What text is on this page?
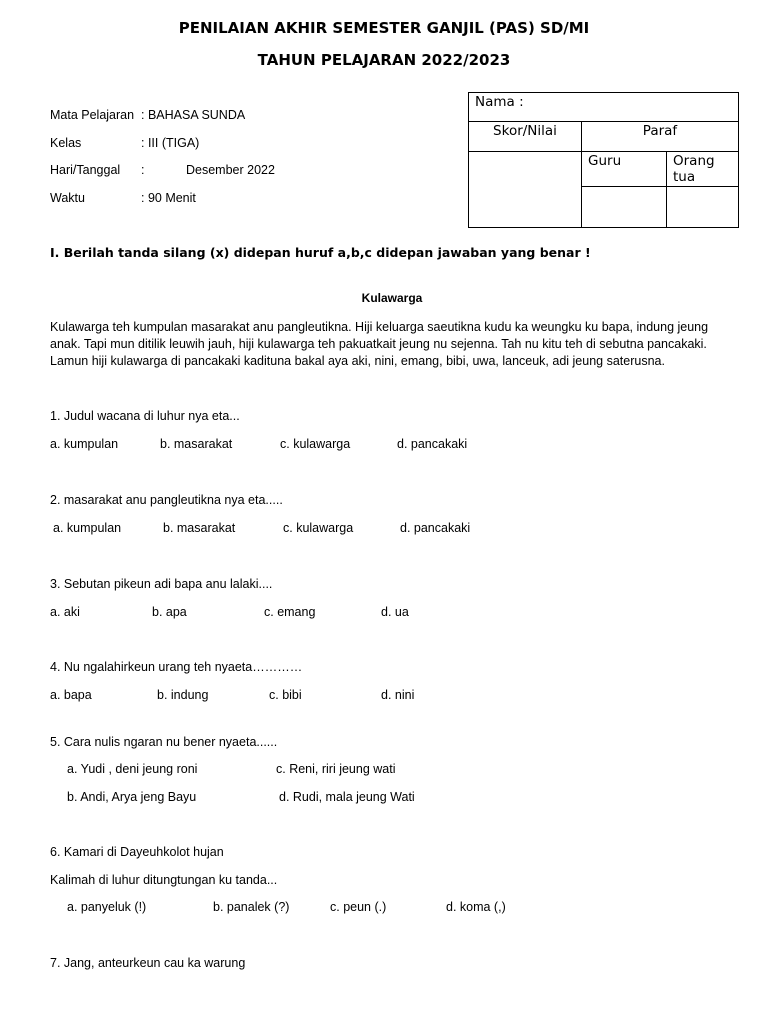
PENILAIAN AKHIR SEMESTER GANJIL (PAS) SD/MI
TAHUN PELAJARAN 2022/2023
Mata Pelajaran : BAHASA SUNDA
Kelas	: III (TIGA)
Hari/Tanggal :	Desember 2022
Waktu	: 90 Menit
Nama :		
Skor/Nilai	Paraf	
	Guru	Orang tua

I. Berilah tanda silang (x) didepan huruf a,b,c didepan jawaban yang benar !
Kulawarga
Kulawarga teh kumpulan masarakat anu pangleutikna. Hiji keluarga saeutikna kudu ka weungku ku bapa, indung jeung
anak. Tapi mun ditilik leuwih jauh, hiji kulawarga teh pakuatkait jeung nu sejenna. Tah nu kitu teh di sebutna pancakaki.
Lamun hiji kulawarga di pancakaki kadituna bakal aya aki, nini, emang, bibi, uwa, lanceuk, adi jeung saterusna.
1. Judul wacana di luhur nya eta...
a. kumpulan	b. masarakat	c. kulawarga	d. pancakaki
2. masarakat anu pangleutikna nya eta.....
a. kumpulan	b. masarakat	c. kulawarga	d. pancakaki
3. Sebutan pikeun adi bapa anu lalaki....
a. aki	b. apa	c. emang	d. ua
4. Nu ngalahirkeun urang teh nyaeta…………
a. bapa	b. indung	c. bibi	d. nini
5. Cara nulis ngaran nu bener nyaeta......
a. Yudi , deni jeung roni	c. Reni, riri jeung wati
b. Andi, Arya jeng Bayu	d. Rudi, mala jeung Wati
6. Kamari di Dayeuhkolot hujan
Kalimah di luhur ditungtungan ku tanda...
a. panyeluk (!)	b. panalek (?)	c. peun (.)	d. koma (,)
7. Jang, anteurkeun cau ka warung
